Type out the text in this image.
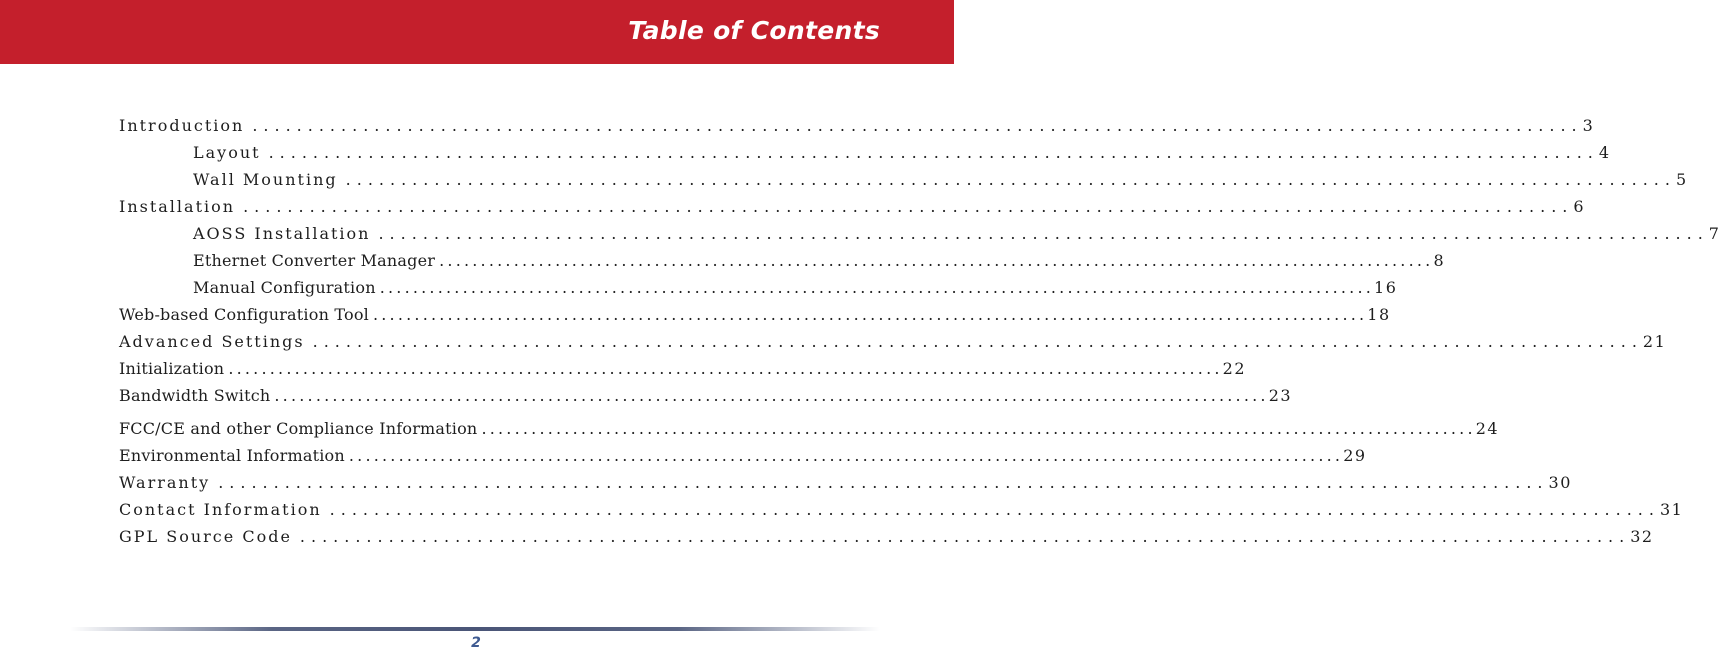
Table of Contents
Introduction ........................................................................................................................ 3
Layout ........................................................................................................................ 4
Wall Mounting ........................................................................................................................ 5
Installation ........................................................................................................................ 6
AOSS Installation ........................................................................................................................ 7
Ethernet Converter Manager ........................................................................................................................ 8
Manual Configuration ........................................................................................................................ 16
Web-based Configuration Tool ........................................................................................................................ 18
Advanced Settings ........................................................................................................................ 21
Initialization ........................................................................................................................ 22
Bandwidth Switch ........................................................................................................................ 23
FCC/CE and other Compliance Information ........................................................................................................................ 24
Environmental Information ........................................................................................................................ 29
Warranty ........................................................................................................................ 30
Contact Information ........................................................................................................................ 31
GPL Source Code ........................................................................................................................ 32
2
